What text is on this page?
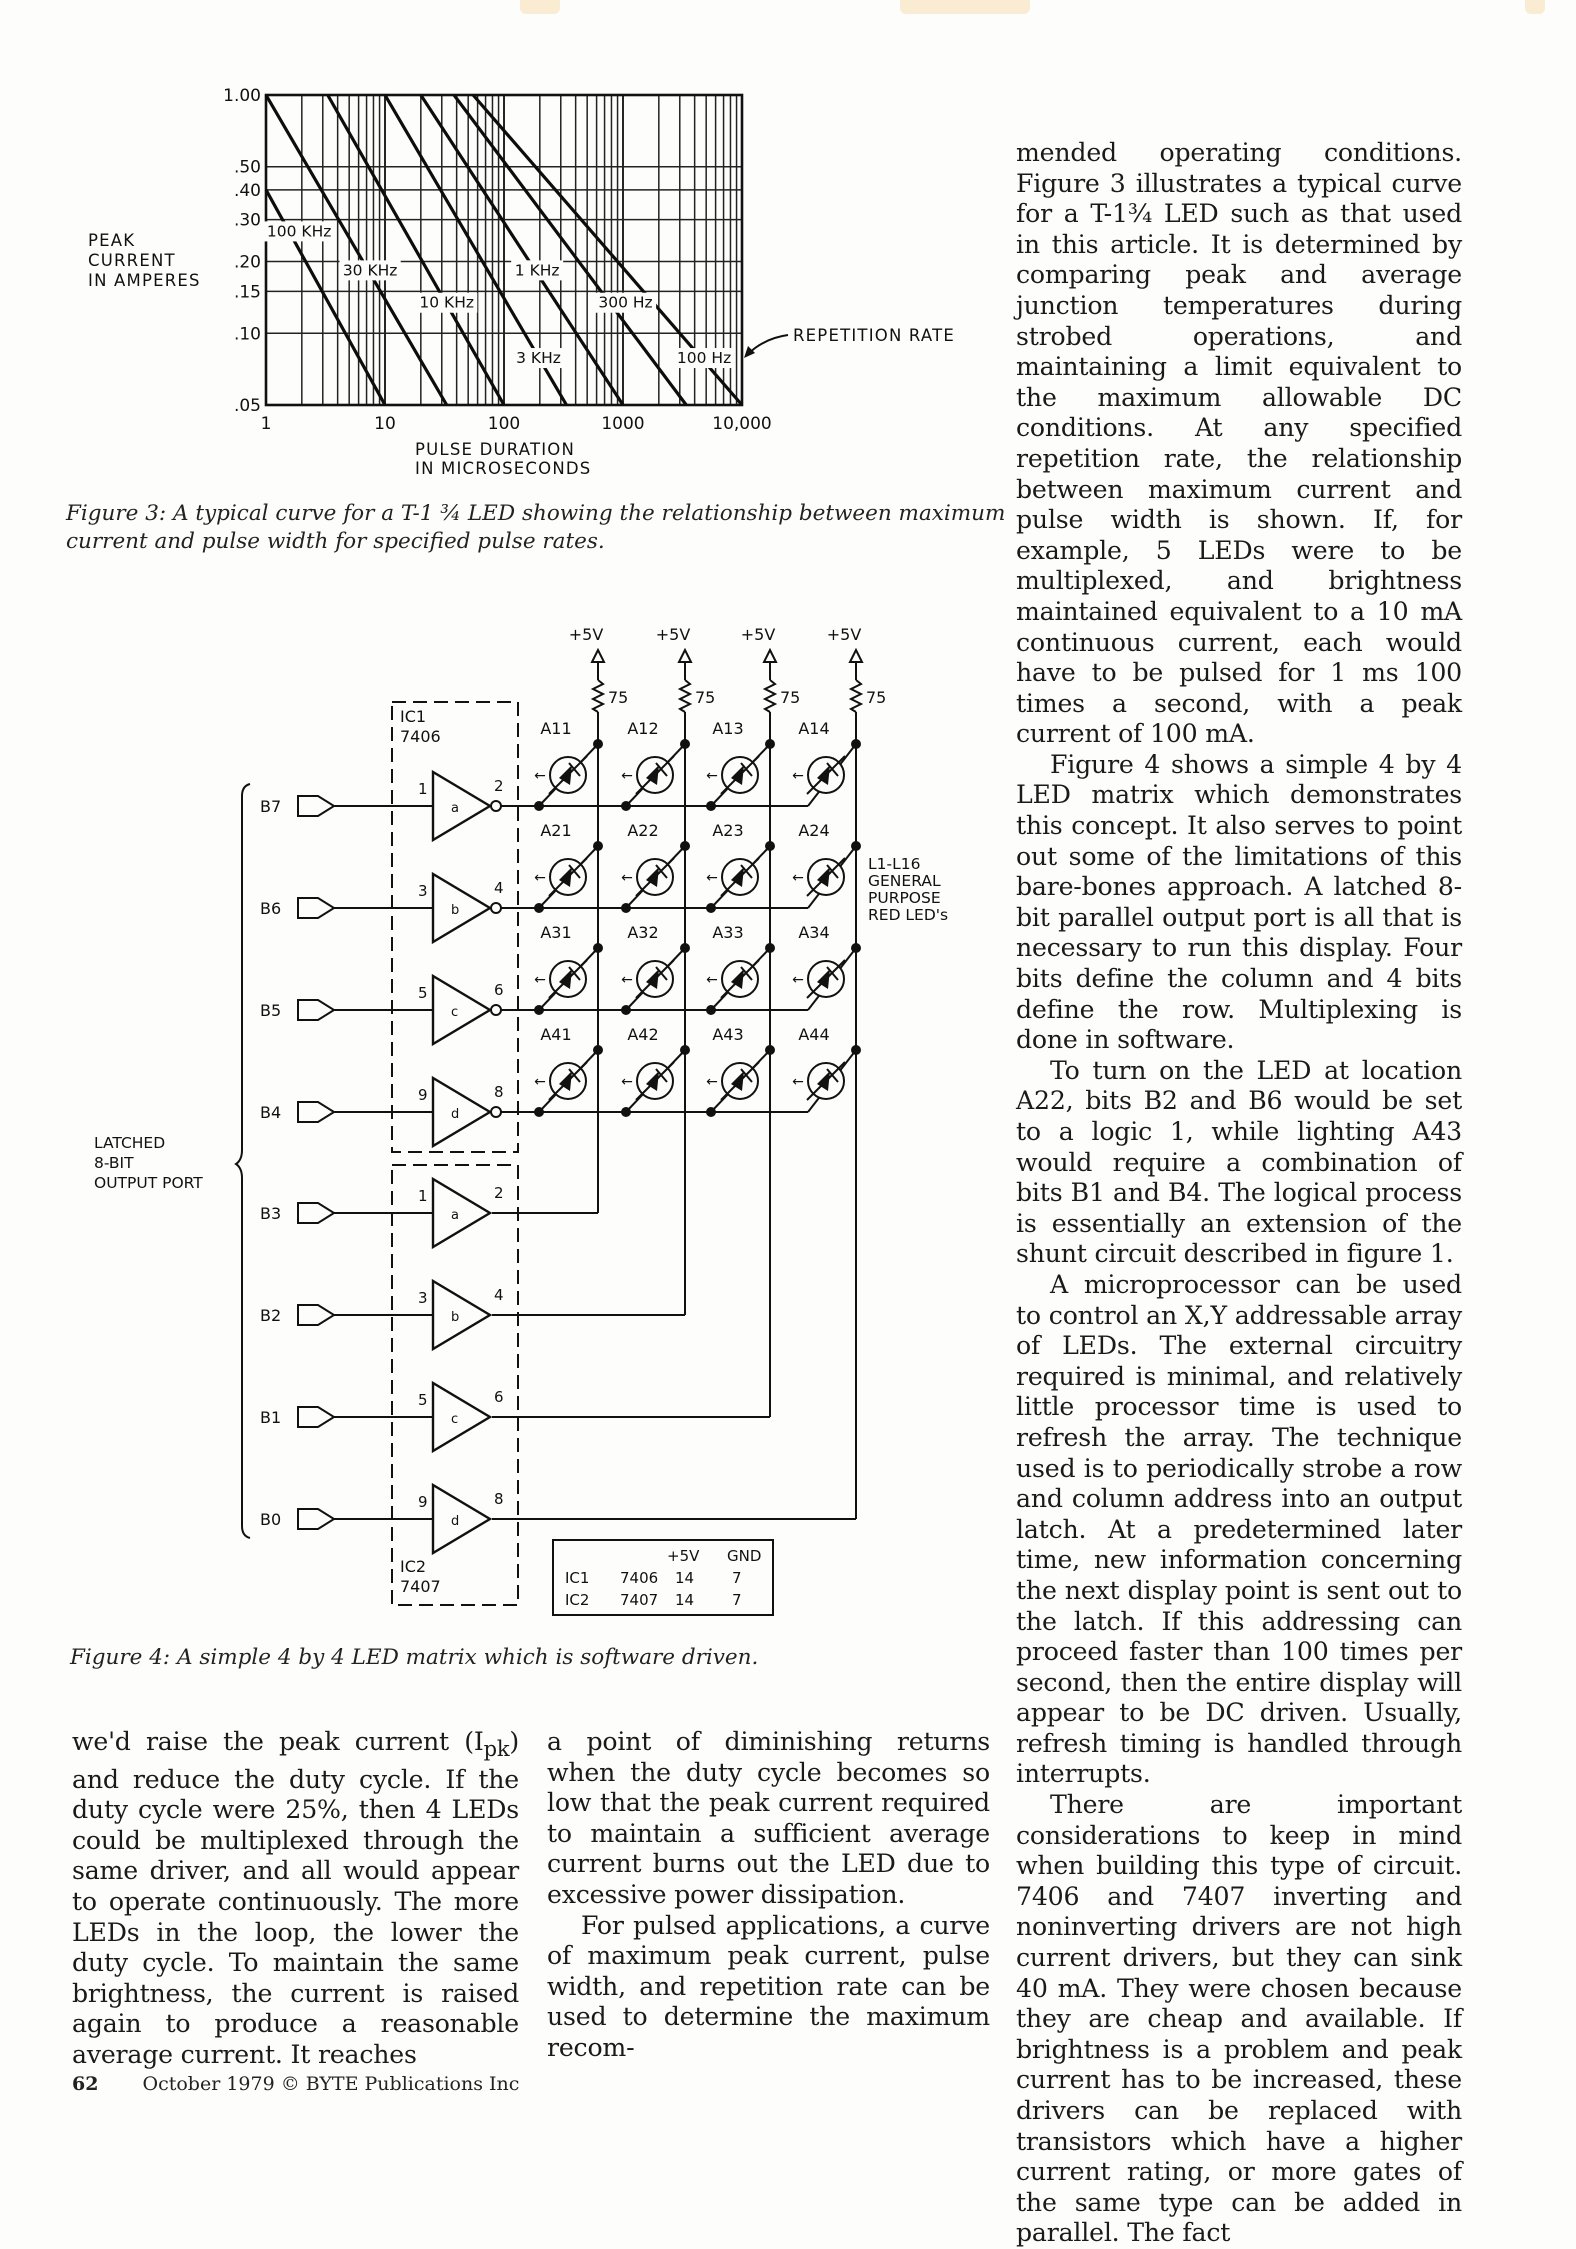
1.00
.50
.40
.30
.20
.15
.10
.05
1	10	100	1000	10,000
100 KHz
30 KHz
10 KHz
3 KHz
1 KHz
300 Hz
100 Hz
PEAK
CURRENT
IN AMPERES
PULSE DURATION
IN MICROSECONDS
REPETITION RATE
Figure 3: A typical curve for a T-1 ¾ LED showing the relationship between maximum current and pulse width for specified pulse rates.
+5V
75
+5V
75
+5V
75
+5V
75
←
A11
←
A12
←
A13
←
A14
←
A21
←
A22
←
A23
←
A24
←
A31
←
A32
←
A33
←
A34
←
A41
←
A42
←
A43
←
A44
L1-L16
GENERAL
PURPOSE
RED LED's
B7	a
1	2
B6	b
3	4
B5	c
5	6
B4	d
9	8
B3	a
1	2
B2	b
3	4
B1	c
5	6
B0	d
9	8
IC1
7406
IC2
7407
LATCHED
8-BIT
OUTPUT PORT
+5V GND
IC1 7406 14	7
IC2 7407 14	7
Figure 4: A simple 4 by 4 LED matrix which is software driven.

we'd raise the peak current $(I_{pk})$ and reduce the duty cycle. If the duty cycle were 25%, then 4 LEDs could be multiplexed through the same driver, and all would appear to operate continuously. The more LEDs in the loop, the lower the duty cycle. To maintain the same brightness, the current is raised again to produce a reasonable average current. It reaches

a point of diminishing returns when the duty cycle becomes so low that the peak current required to maintain a sufficient average current burns out the LED due to excessive power dissipation.

For pulsed applications, a curve of maximum peak current, pulse width, and repetition rate can be used to determine the maximum recom-

mended operating conditions. Figure 3 illustrates a typical curve for a T-1¾ LED such as that used in this article. It is determined by comparing peak and average junction temperatures during strobed operations, and maintaining a limit equivalent to the maximum allowable DC conditions. At any specified repetition rate, the relationship between maximum current and pulse width is shown. If, for example, 5 LEDs were to be multiplexed, and brightness maintained equivalent to a 10 mA continuous current, each would have to be pulsed for 1 ms 100 times a second, with a peak current of 100 mA.

Figure 4 shows a simple 4 by 4 LED matrix which demonstrates this concept. It also serves to point out some of the limitations of this bare-bones approach. A latched 8-bit parallel output port is all that is necessary to run this display. Four bits define the column and 4 bits define the row. Multiplexing is done in software.

To turn on the LED at location A22, bits B2 and B6 would be set to a logic 1, while lighting A43 would require a combination of bits B1 and B4. The logical process is essentially an extension of the shunt circuit described in figure 1.

A microprocessor can be used to control an X,Y addressable array of LEDs. The external circuitry required is minimal, and relatively little processor time is used to refresh the array. The technique used is to periodically strobe a row and column address into an output latch. At a predetermined later time, new information concerning the next display point is sent out to the latch. If this addressing can proceed faster than 100 times per second, then the entire display will appear to be DC driven. Usually, refresh timing is handled through interrupts.

There are important considerations to keep in mind when building this type of circuit. 7406 and 7407 inverting and noninverting drivers are not high current drivers, but they can sink 40 mA. They were chosen because they are cheap and available. If brightness is a problem and peak current has to be increased, these drivers can be replaced with transistors which have a higher current rating, or more gates of the same type can be added in parallel. The fact

62 October 1979 © BYTE Publications Inc
